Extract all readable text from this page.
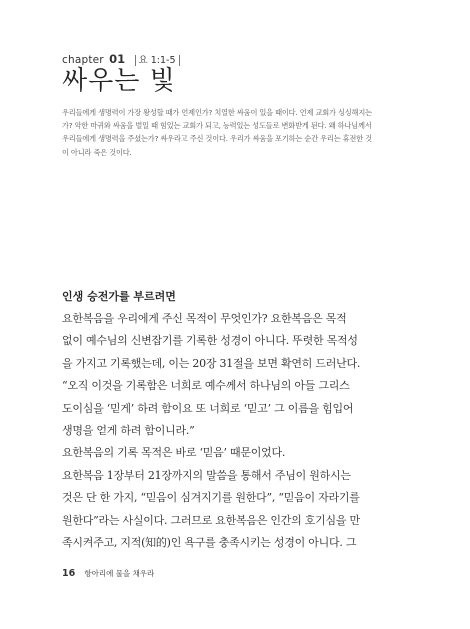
chapter 01 요 1:1-5
싸우는 빛
우리들에게 생명력이 가장 왕성할 때가 언제인가? 치열한 싸움이 있을 때이다. 언제 교회가 싱싱해지는
가? 악한 마귀와 싸움을 벌일 때 힘있는 교회가 되고, 능력있는 성도들로 변화받게 된다. 왜 하나님께서
우리들에게 생명력을 주셨는가? 싸우라고 주신 것이다. 우리가 싸움을 포기하는 순간 우리는 휴전한 것
이 아니라 죽은 것이다.
인생 승전가를 부르려면
요한복음을 우리에게 주신 목적이 무엇인가? 요한복음은 목적
없이 예수님의 신변잡기를 기록한 성경이 아니다. 뚜렷한 목적성
을 가지고 기록했는데, 이는 20장 31절을 보면 확연히 드러난다.
“오직 이것을 기록함은 너희로 예수께서 하나님의 아들 그리스
도이심을 ‘믿게’ 하려 함이요 또 너희로 ‘믿고’ 그 이름을 힘입어
생명을 얻게 하려 함이니라.”
요한복음의 기록 목적은 바로 ‘믿음’ 때문이었다.
요한복음 1장부터 21장까지의 말씀을 통해서 주님이 원하시는
것은 단 한 가지, “믿음이 심겨지기를 원한다”, “믿음이 자라기를
원한다”라는 사실이다. 그러므로 요한복음은 인간의 호기심을 만
족시켜주고, 지적(知的)인 욕구를 충족시키는 성경이 아니다. 그
16 항아리에 물을 채우라
